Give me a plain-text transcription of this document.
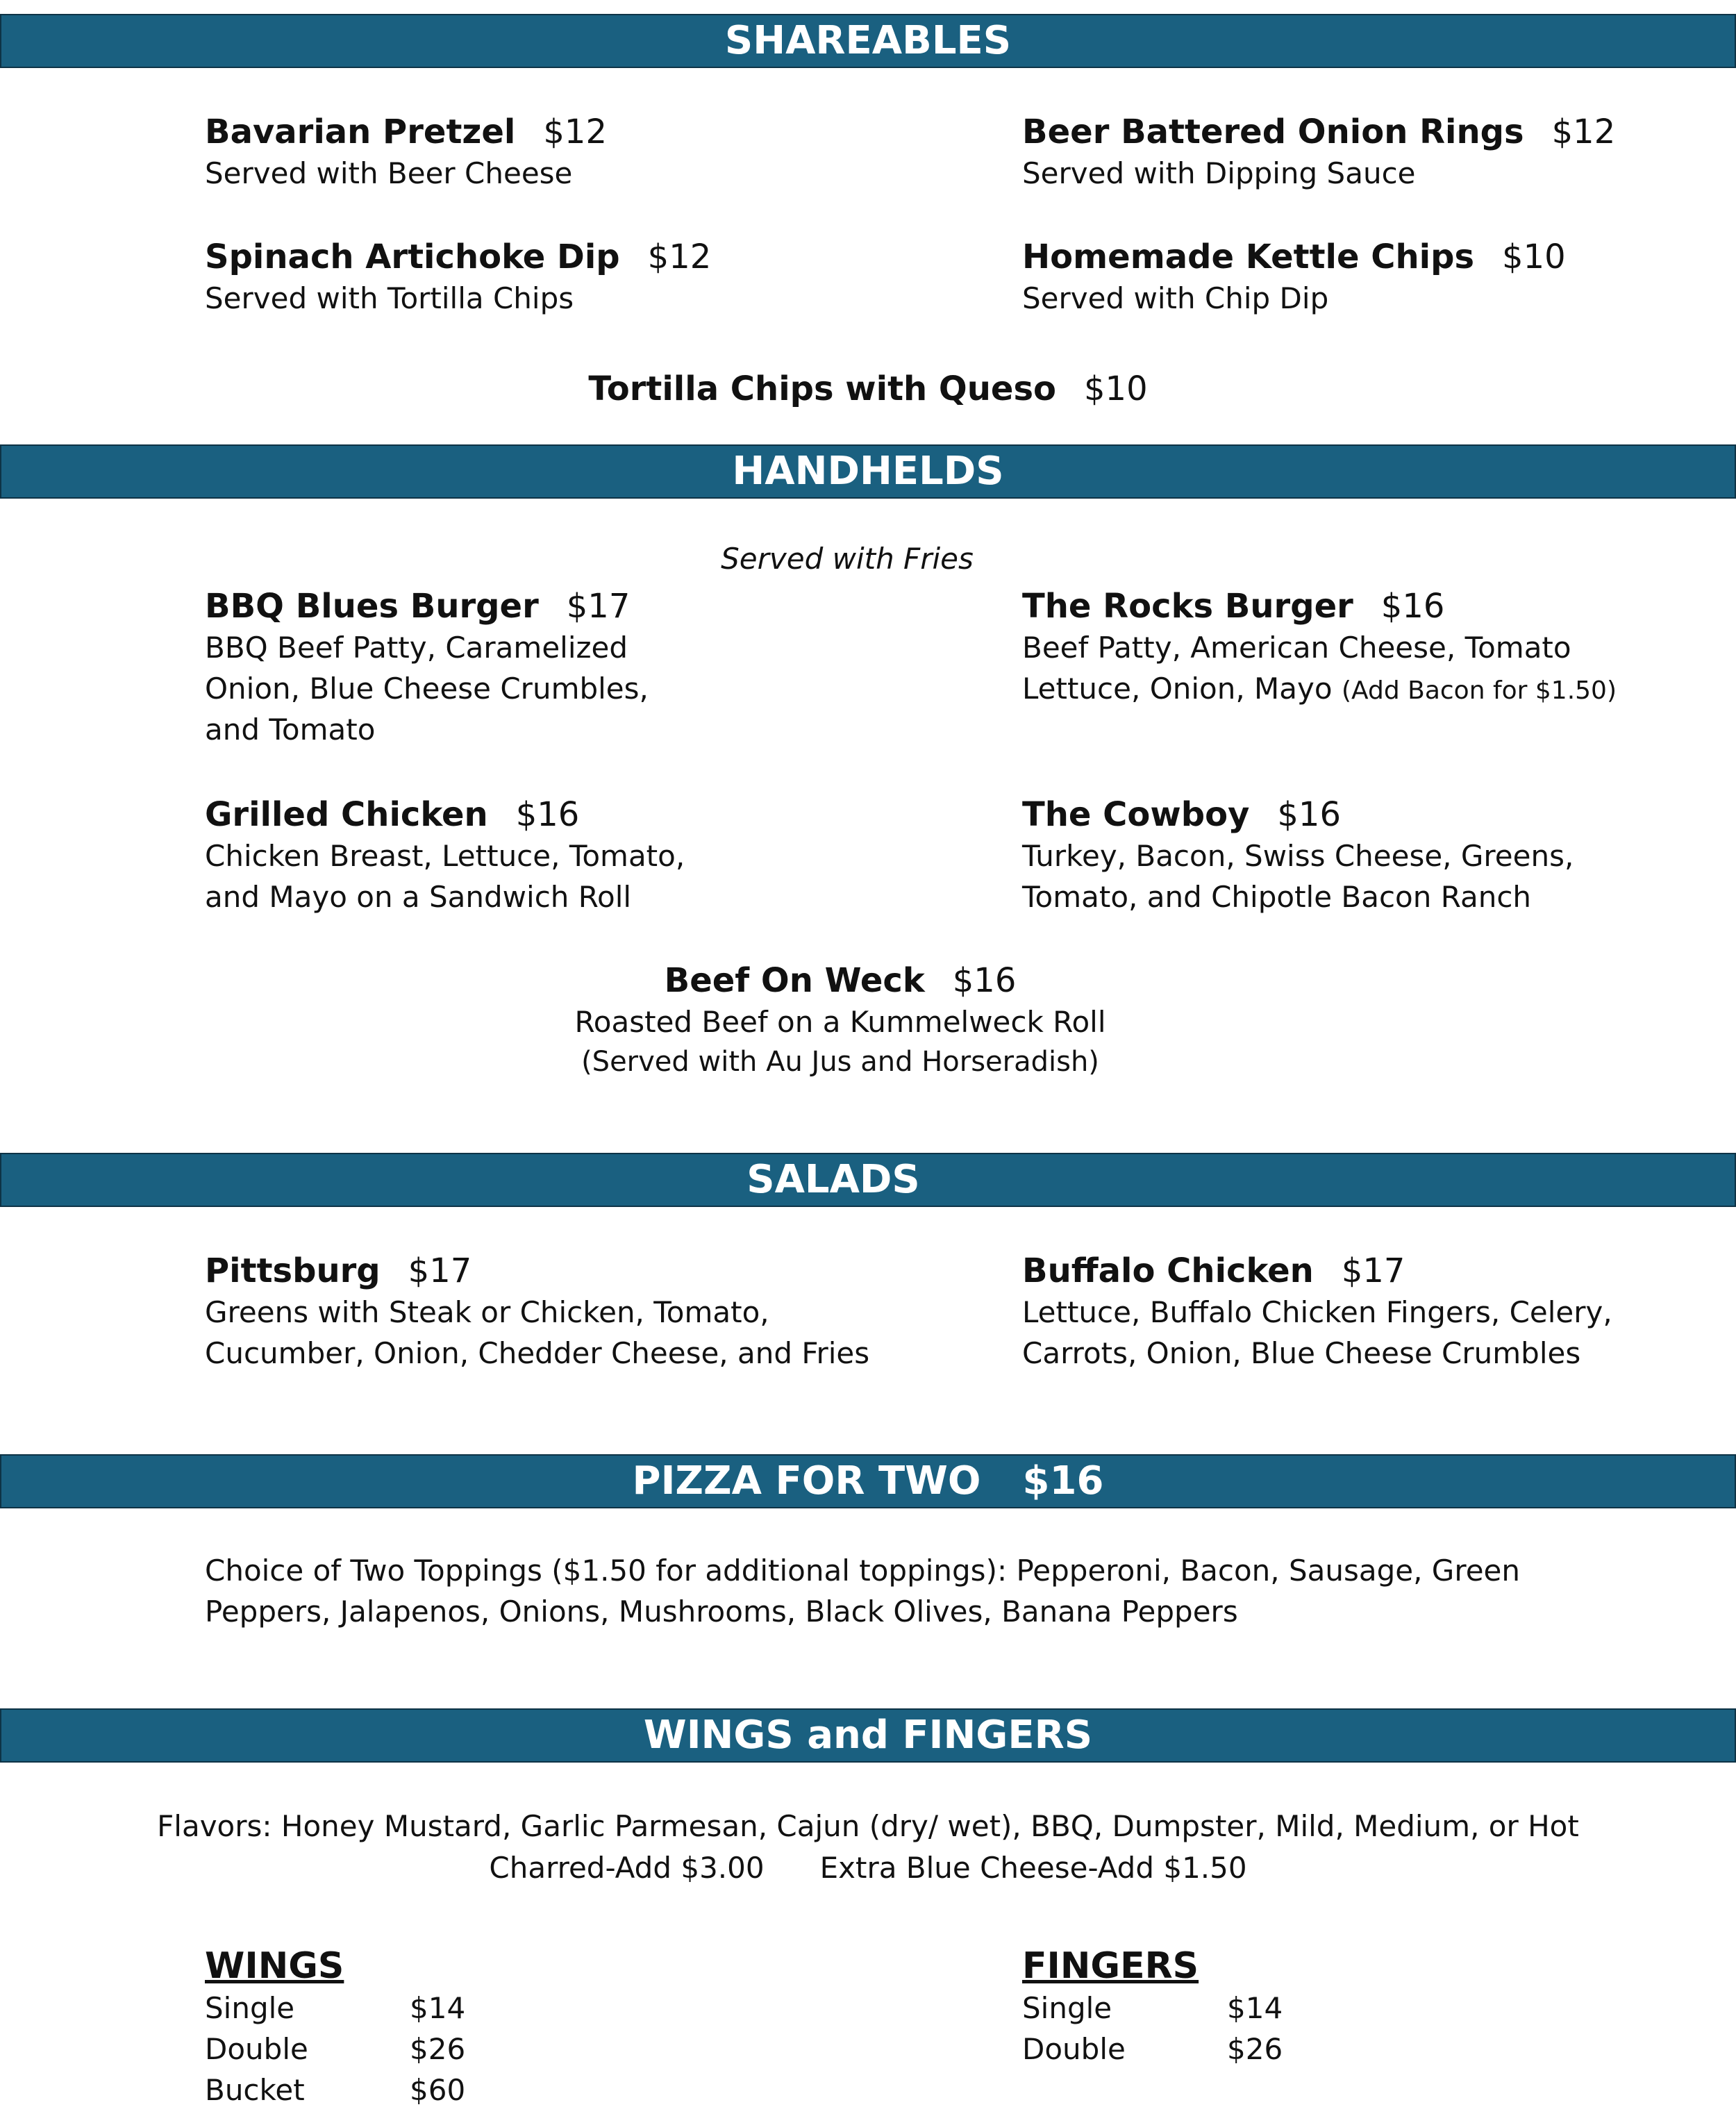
SHAREABLES
Bavarian Pretzel $12
Served with Beer Cheese
Beer Battered Onion Rings $12
Served with Dipping Sauce
Spinach Artichoke Dip $12
Served with Tortilla Chips
Homemade Kettle Chips $10
Served with Chip Dip
Tortilla Chips with Queso $10
HANDHELDS
Served with Fries
BBQ Blues Burger $17
BBQ Beef Patty, Caramelized
Onion, Blue Cheese Crumbles,
and Tomato
The Rocks Burger $16
Beef Patty, American Cheese, Tomato
Lettuce, Onion, Mayo (Add Bacon for $1.50)
Grilled Chicken $16
Chicken Breast, Lettuce, Tomato,
and Mayo on a Sandwich Roll
The Cowboy $16
Turkey, Bacon, Swiss Cheese, Greens,
Tomato, and Chipotle Bacon Ranch
Beef On Weck $16
Roasted Beef on a Kummelweck Roll
(Served with Au Jus and Horseradish)
SALADS
Pittsburg $17
Greens with Steak or Chicken, Tomato,
Cucumber, Onion, Chedder Cheese, and Fries
Buffalo Chicken $17
Lettuce, Buffalo Chicken Fingers, Celery,
Carrots, Onion, Blue Cheese Crumbles
PIZZA FOR TWO $16
Choice of Two Toppings ($1.50 for additional toppings): Pepperoni, Bacon, Sausage, Green
Peppers, Jalapenos, Onions, Mushrooms, Black Olives, Banana Peppers
WINGS and FINGERS
Flavors: Honey Mustard, Garlic Parmesan, Cajun (dry/ wet), BBQ, Dumpster, Mild, Medium, or Hot
Charred-Add $3.00 Extra Blue Cheese-Add $1.50
WINGS
Single	$14
Double	$26
Bucket	$60
FINGERS
Single	$14
Double	$26
